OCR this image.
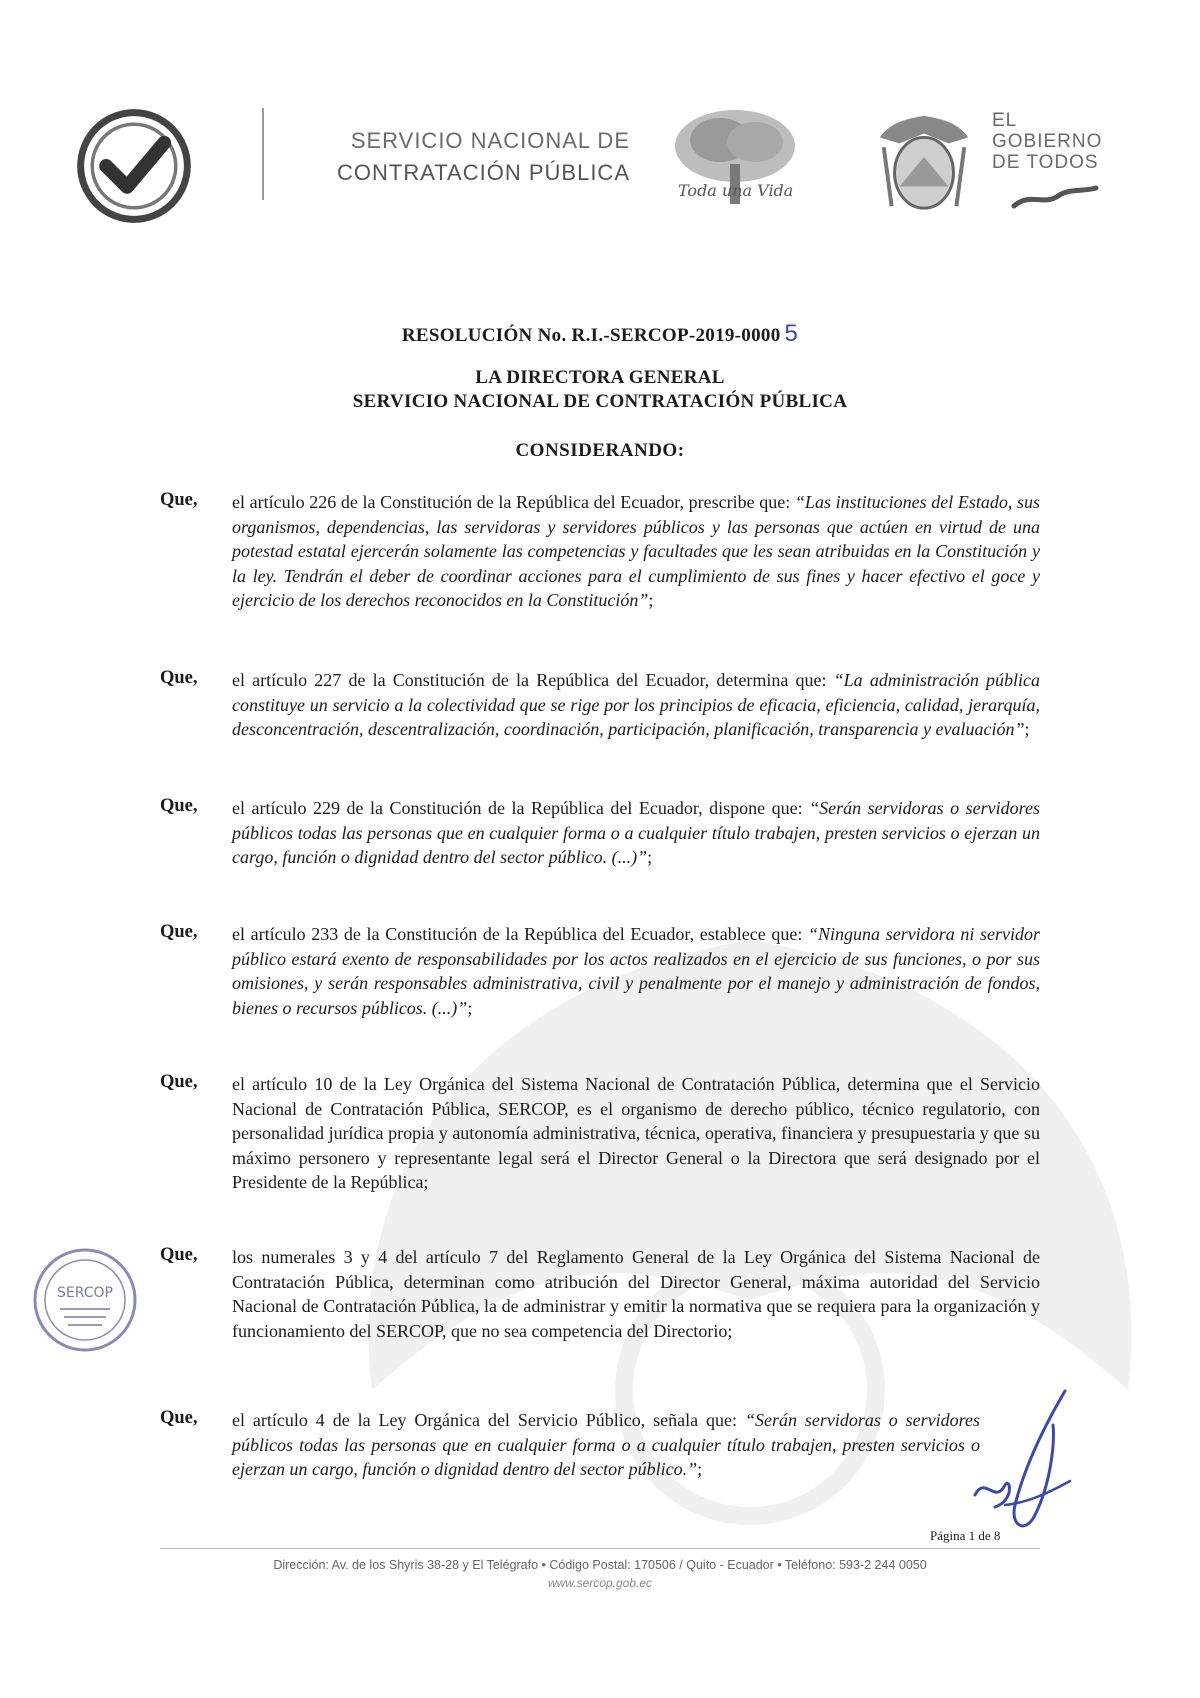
SERVICIO NACIONAL DE
CONTRATACIÓN PÚBLICA
Toda una Vida
EL
GOBIERNO
DE TODOS
RESOLUCIÓN No. R.I.-SERCOP-2019-0000 5
LA DIRECTORA GENERAL
SERVICIO NACIONAL DE CONTRATACIÓN PÚBLICA
CONSIDERANDO:
Que, el artículo 226 de la Constitución de la República del Ecuador, prescribe que: “Las instituciones del Estado, sus organismos, dependencias, las servidoras y servidores públicos y las personas que actúen en virtud de una potestad estatal ejercerán solamente las competencias y facultades que les sean atribuidas en la Constitución y la ley. Tendrán el deber de coordinar acciones para el cumplimiento de sus fines y hacer efectivo el goce y ejercicio de los derechos reconocidos en la Constitución”;
Que, el artículo 227 de la Constitución de la República del Ecuador, determina que: “La administración pública constituye un servicio a la colectividad que se rige por los principios de eficacia, eficiencia, calidad, jerarquía, desconcentración, descentralización, coordinación, participación, planificación, transparencia y evaluación”;
Que, el artículo 229 de la Constitución de la República del Ecuador, dispone que: “Serán servidoras o servidores públicos todas las personas que en cualquier forma o a cualquier título trabajen, presten servicios o ejerzan un cargo, función o dignidad dentro del sector público. (...)”;
Que, el artículo 233 de la Constitución de la República del Ecuador, establece que: “Ninguna servidora ni servidor público estará exento de responsabilidades por los actos realizados en el ejercicio de sus funciones, o por sus omisiones, y serán responsables administrativa, civil y penalmente por el manejo y administración de fondos, bienes o recursos públicos. (...)”;
Que, el artículo 10 de la Ley Orgánica del Sistema Nacional de Contratación Pública, determina que el Servicio Nacional de Contratación Pública, SERCOP, es el organismo de derecho público, técnico regulatorio, con personalidad jurídica propia y autonomía administrativa, técnica, operativa, financiera y presupuestaria y que su máximo personero y representante legal será el Director General o la Directora que será designado por el Presidente de la República;
Que, los numerales 3 y 4 del artículo 7 del Reglamento General de la Ley Orgánica del Sistema Nacional de Contratación Pública, determinan como atribución del Director General, máxima autoridad del Servicio Nacional de Contratación Pública, la de administrar y emitir la normativa que se requiera para la organización y funcionamiento del SERCOP, que no sea competencia del Directorio;
Que, el artículo 4 de la Ley Orgánica del Servicio Público, señala que: “Serán servidoras o servidores públicos todas las personas que en cualquier forma o a cualquier título trabajen, presten servicios o ejerzan un cargo, función o dignidad dentro del sector público.”;
SERCOP
Página 1 de 8
Dirección: Av. de los Shyris 38-28 y El Telégrafo • Código Postal: 170506 / Quito - Ecuador • Teléfono: 593-2 244 0050
www.sercop.gob.ec
